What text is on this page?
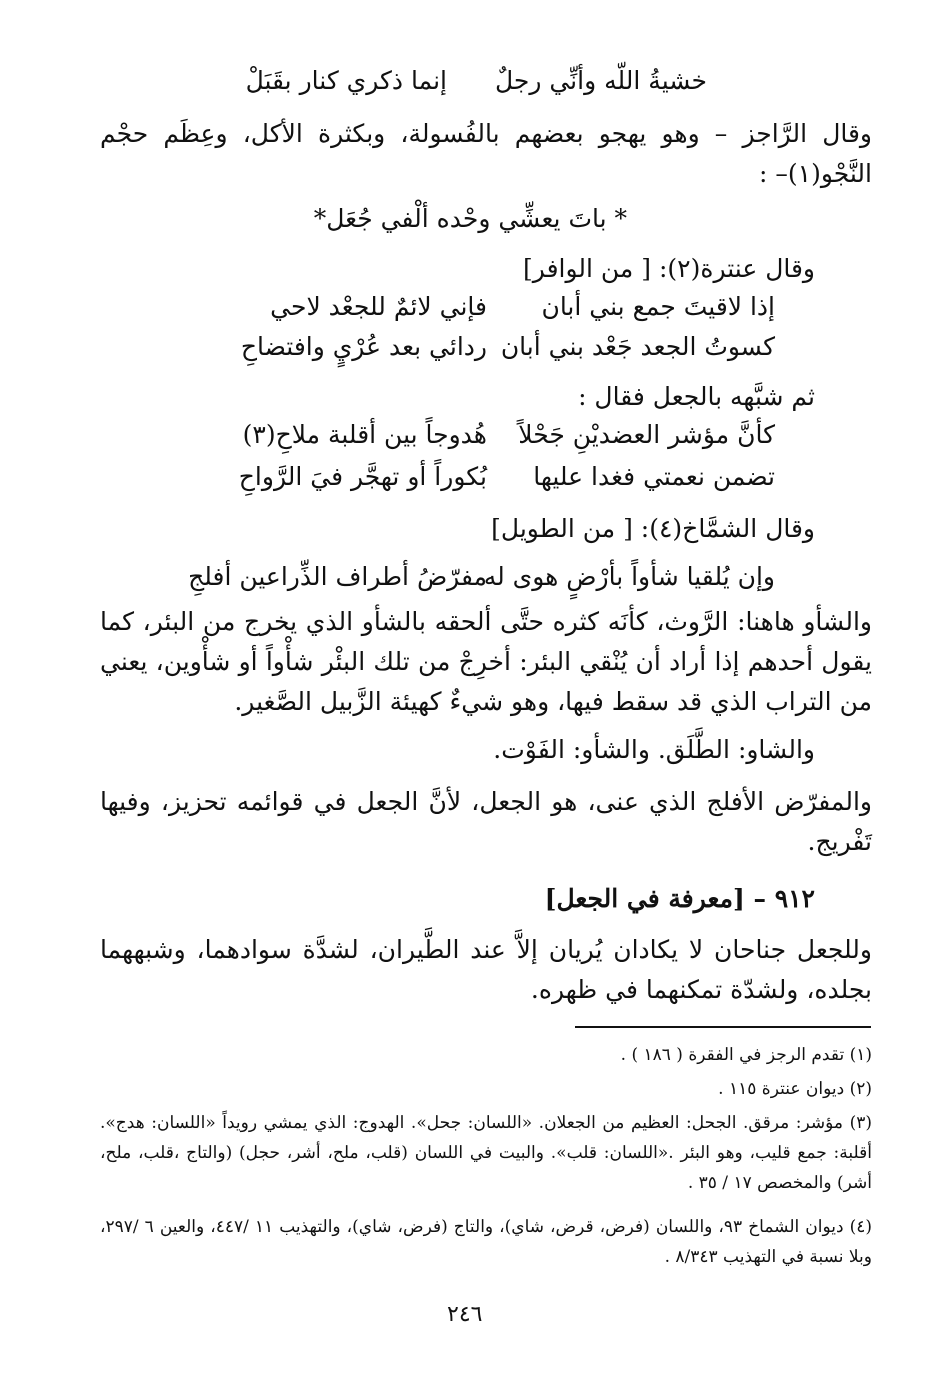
خشيةُ اللّه وأنِّي رجلٌ
إنما ذكري كنار بقَبَلْ
وقال الرَّاجز – وهو يهجو بعضهم بالفُسولة، وبكثرة الأكل، وعِظَم حجْم النَّجْو(١)– :
* باتَ يعشِّي وحْده ألْفي جُعَل*
وقال عنترة(٢): [ من الوافر]
إذا لاقيتَ جمع بني أبان
فإني لائمٌ للجعْد لاحي
كسوتُ الجعد جَعْد بني أبان
ردائي بعد عُرْيٍ وافتضاحِ
ثم شبَّهه بالجعل فقال :
كأنَّ مؤشر العضديْنِ جَحْلاً
هُدوجاً بين أقلبة ملاحِ(٣)
تضمن نعمتي فغدا عليها
بُكوراً أو تهجَّر فيَ الرَّواحِ
وقال الشمَّاخ(٤): [ من الطويل]
وإن يُلقيا شأواً بأرْضٍ هوى له
مفرّضُ أطراف الذِّراعين أفلجِ
والشأو هاهنا: الرَّوث، كأنَه كثره حتَّى ألحقه بالشأو الذي يخرج من البئر، كما يقول أحدهم إذا أراد أن يُنْقي البئر: أخرِجْ من تلك البئْر شأْواً أو شأْوين، يعني من التراب الذي قد سقط فيها، وهو شيءٌ كهيئة الزَّبيل الصَّغير.
والشاو: الطَّلَق. والشأو: الفَوْت.
والمفرّض الأفلج الذي عنى، هو الجعل، لأنَّ الجعل في قوائمه تحزيز، وفيها تَفْريج.
٩١٢ – [معرفة في الجعل]
وللجعل جناحان لا يكادان يُريان إلاَّ عند الطَّيران، لشدَّة سوادهما، وشبههما بجلده، ولشدّة تمكنهما في ظهره.
(١) تقدم الرجز في الفقرة ( ١٨٦ ) .
(٢) ديوان عنترة ١١٥ .
(٣) مؤشر: مرقق. الجحل: العظيم من الجعلان. «اللسان: جحل». الهدوج: الذي يمشي رويداً «اللسان: هدج». أقلبة: جمع قليب، وهو البئر .«اللسان: قلب». والبيت في اللسان (قلب، ملح، أشر، حجل) (والتاج ،قلب، ملح، أشر) والمخصص ١٧ / ٣٥ .
(٤) ديوان الشماخ ٩٣، واللسان (فرض، قرض، شاي)، والتاج (فرض، شاي)، والتهذيب ١١ /٤٤٧، والعين ٦ /٢٩٧، وبلا نسبة في التهذيب ٨/٣٤٣ .
٢٤٦
